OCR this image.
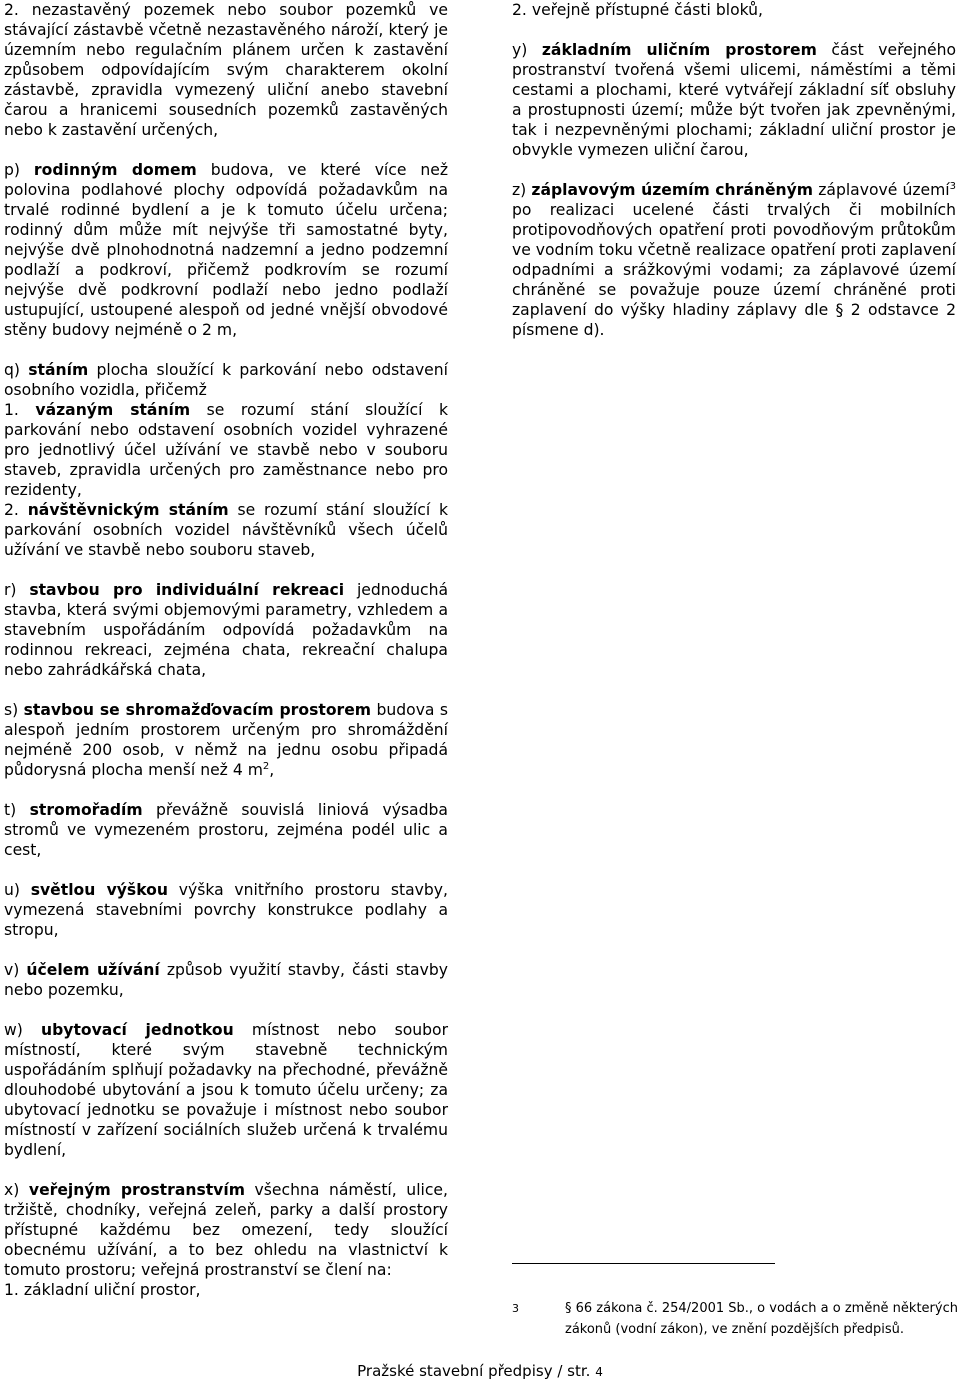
2. nezastavěný pozemek nebo soubor pozemků ve stávající zástavbě včetně nezastavěného nároží, který je územním nebo regulačním plánem určen k zastavění způsobem odpovídajícím svým charakterem okolní zástavbě, zpravidla vymezený uliční anebo stavební čarou a hranicemi sousedních pozemků zastavěných nebo k zastavění určených,

p) rodinným domem budova, ve které více než polovina podlahové plochy odpovídá požadavkům na trvalé rodinné bydlení a je k tomuto účelu určena; rodinný dům může mít nejvýše tři samostatné byty, nejvýše dvě plnohodnotná nadzemní a jedno podzemní podlaží a podkroví, přičemž podkrovím se rozumí nejvýše dvě podkrovní podlaží nebo jedno podlaží ustupující, ustoupené alespoň od jedné vnější obvodové stěny budovy nejméně o 2 m,

q) stáním plocha sloužící k parkování nebo odstavení osobního vozidla, přičemž

1. vázaným stáním se rozumí stání sloužící k parkování nebo odstavení osobních vozidel vyhrazené pro jednotlivý účel užívání ve stavbě nebo v souboru staveb, zpravidla určených pro zaměstnance nebo pro rezidenty,

2. návštěvnickým stáním se rozumí stání sloužící k parkování osobních vozidel návštěvníků všech účelů užívání ve stavbě nebo souboru staveb,

r) stavbou pro individuální rekreaci jednoduchá stavba, která svými objemovými parametry, vzhledem a stavebním uspořádáním odpovídá požadavkům na rodinnou rekreaci, zejména chata, rekreační chalupa nebo zahrádkářská chata,

s) stavbou se shromažďovacím prostorem budova s alespoň jedním prostorem určeným pro shromáždění nejméně 200 osob, v němž na jednu osobu připadá půdorysná plocha menší než 4 $m^2$,

t) stromořadím převážně souvislá liniová výsadba stromů ve vymezeném prostoru, zejména podél ulic a cest,

u) světlou výškou výška vnitřního prostoru stavby, vymezená stavebními povrchy konstrukce podlahy a stropu,

v) účelem užívání způsob využití stavby, části stavby nebo pozemku,

w) ubytovací jednotkou místnost nebo soubor místností, které svým stavebně technickým uspořádáním splňují požadavky na přechodné, převážně dlouhodobé ubytování a jsou k tomuto účelu určeny; za ubytovací jednotku se považuje i místnost nebo soubor místností v zařízení sociálních služeb určená k trvalému bydlení,

x) veřejným prostranstvím všechna náměstí, ulice, tržiště, chodníky, veřejná zeleň, parky a další prostory přístupné každému bez omezení, tedy sloužící obecnému užívání, a to bez ohledu na vlastnictví k tomuto prostoru; veřejná prostranství se člení na:

1. základní uliční prostor,

2. veřejně přístupné části bloků,

y) základním uličním prostorem část veřejného prostranství tvořená všemi ulicemi, náměstími a těmi cestami a plochami, které vytvářejí základní síť obsluhy a prostupnosti území; může být tvořen jak zpevněnými, tak i nezpevněnými plochami; základní uliční prostor je obvykle vymezen uliční čarou,

z) záplavovým územím chráněným záplavové území$^3$ po realizaci ucelené části trvalých či mobilních protipovodňových opatření proti povodňovým průtokům ve vodním toku včetně realizace opatření proti zaplavení odpadními a srážkovými vodami; za záplavové území chráněné se považuje pouze území chráněné proti zaplavení do výšky hladiny záplavy dle § 2 odstavce 2 písmene d).

3	§ 66 zákona č. 254/2001 Sb., o vodách a o změně některých zákonů (vodní zákon), ve znění pozdějších předpisů.
Pražské stavební předpisy / str. 4
